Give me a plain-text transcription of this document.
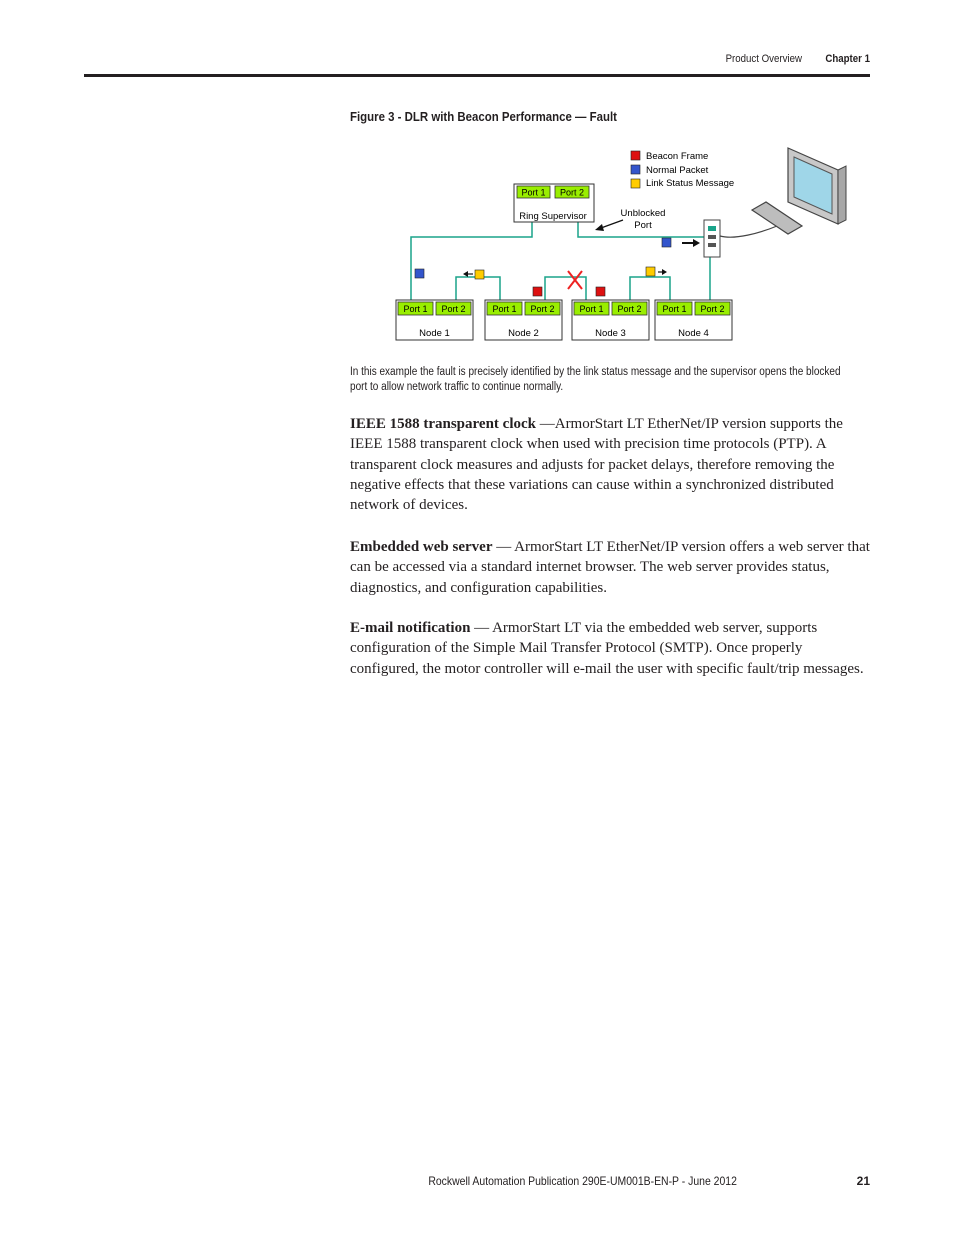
Product Overview	Chapter 1
Figure 3 - DLR with Beacon Performance — Fault
Port 1 Port 2
Ring Supervisor
Beacon Frame
Normal Packet
Link Status Message
Unblocked
Port
Port 1 Port 2
Node 1
Port 1 Port 2
Node 2
Port 1 Port 2
Node 3
Port 1 Port 2
Node 4
In this example the fault is precisely identified by the link status message and the supervisor opens the blocked port to allow network traffic to continue normally.

IEEE 1588 transparent clock —ArmorStart LT EtherNet/IP version supports the IEEE 1588 transparent clock when used with precision time protocols (PTP). A transparent clock measures and adjusts for packet delays, therefore removing the negative effects that these variations can cause within a synchronized distributed network of devices.

Embedded web server — ArmorStart LT EtherNet/IP version offers a web server that can be accessed via a standard internet browser. The web server provides status, diagnostics, and configuration capabilities.

E-mail notification — ArmorStart LT via the embedded web server, supports configuration of the Simple Mail Transfer Protocol (SMTP). Once properly configured, the motor controller will e-mail the user with specific fault/trip messages.

Rockwell Automation Publication 290E-UM001B-EN-P - June 2012	21
